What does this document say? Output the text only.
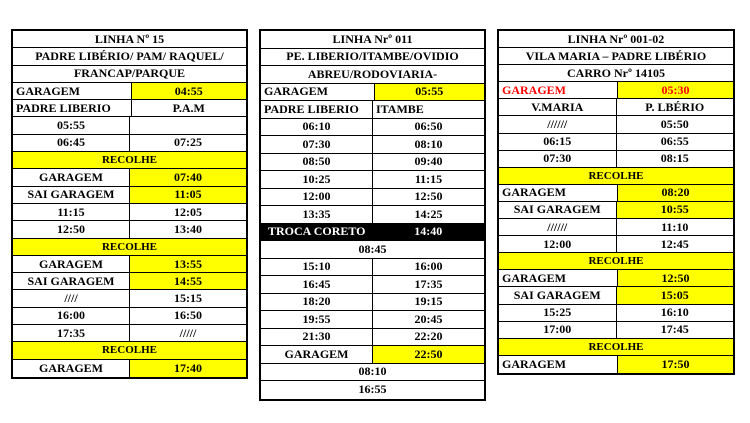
LINHA Nº 15
PADRE LIBÉRIO/ PAM/ RAQUEL/
FRANCAP/PARQUE
GARAGEM	04:55
PADRE LIBERIO	P.A.M
05:55
06:45	07:25
RECOLHE
GARAGEM	07:40
SAI GARAGEM	11:05
11:15	12:05
12:50	13:40
RECOLHE
GARAGEM	13:55
SAI GARAGEM	14:55
////	15:15
16:00	16:50
17:35	/////
RECOLHE
GARAGEM	17:40
LINHA Nrº 011
PE. LIBERIO/ITAMBE/OVIDIO
ABREU/RODOVIARIA-
GARAGEM	05:55
PADRE LIBERIO	ITAMBE
06:10	06:50
07:30	08:10
08:50	09:40
10:25	11:15
12:00	12:50
13:35	14:25
TROCA CORETO	14:40
08:45
15:10	16:00
16:45	17:35
18:20	19:15
19:55	20:45
21:30	22:20
GARAGEM	22:50
08:10
16:55
LINHA Nrº 001-02
VILA MARIA – PADRE LIBÉRIO
CARRO Nrº 14105
GARAGEM	05:30
V.MARIA	P. LBÉRIO
//////	05:50
06:15	06:55
07:30	08:15
RECOLHE
GARAGEM	08:20
SAI GARAGEM	10:55
//////	11:10
12:00	12:45
RECOLHE
GARAGEM	12:50
SAI GARAGEM	15:05
15:25	16:10
17:00	17:45
RECOLHE
GARAGEM	17:50
